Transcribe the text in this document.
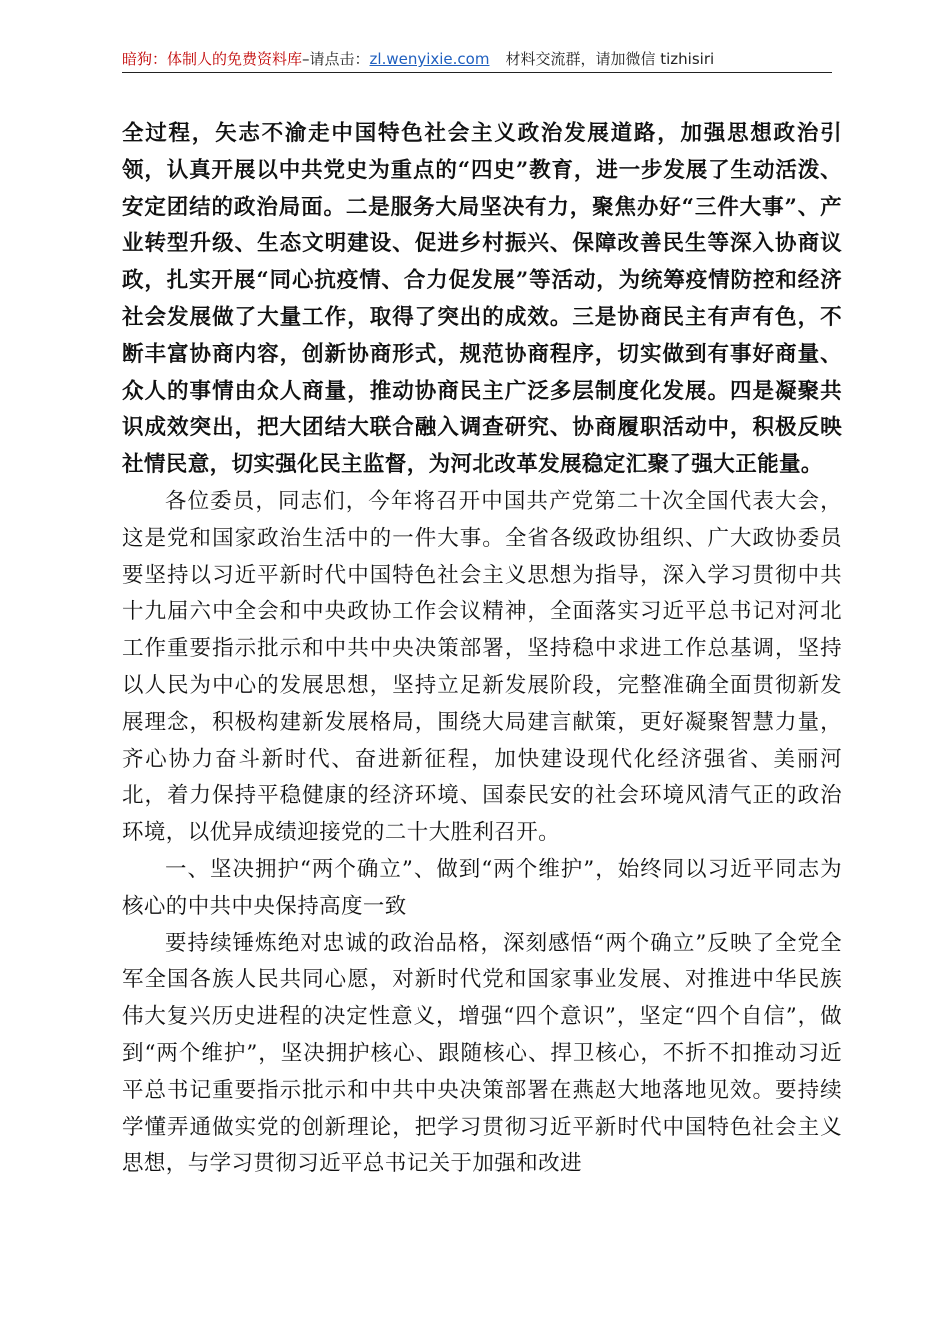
暗狗：体制人的免费资料库–请点击：zl.wenyixie.com 材料交流群，请加微信 tizhisiri

全过程，矢志不渝走中国特色社会主义政治发展道路，加强思想政治引领，认真开展以中共党史为重点的“四史”教育，进一步发展了生动活泼、安定团结的政治局面。二是服务大局坚决有力，聚焦办好“三件大事”、产业转型升级、生态文明建设、促进乡村振兴、保障改善民生等深入协商议政，扎实开展“同心抗疫情、合力促发展”等活动，为统筹疫情防控和经济社会发展做了大量工作，取得了突出的成效。三是协商民主有声有色，不断丰富协商内容，创新协商形式，规范协商程序，切实做到有事好商量、众人的事情由众人商量，推动协商民主广泛多层制度化发展。四是凝聚共识成效突出，把大团结大联合融入调查研究、协商履职活动中，积极反映社情民意，切实强化民主监督，为河北改革发展稳定汇聚了强大正能量。

各位委员，同志们，今年将召开中国共产党第二十次全国代表大会，这是党和国家政治生活中的一件大事。全省各级政协组织、广大政协委员要坚持以习近平新时代中国特色社会主义思想为指导，深入学习贯彻中共十九届六中全会和中央政协工作会议精神，全面落实习近平总书记对河北工作重要指示批示和中共中央决策部署，坚持稳中求进工作总基调，坚持以人民为中心的发展思想，坚持立足新发展阶段，完整准确全面贯彻新发展理念，积极构建新发展格局，围绕大局建言献策，更好凝聚智慧力量，齐心协力奋斗新时代、奋进新征程，加快建设现代化经济强省、美丽河北，着力保持平稳健康的经济环境、国泰民安的社会环境风清气正的政治环境，以优异成绩迎接党的二十大胜利召开。

一、坚决拥护“两个确立”、做到“两个维护”，始终同以习近平同志为核心的中共中央保持高度一致

要持续锤炼绝对忠诚的政治品格，深刻感悟“两个确立”反映了全党全军全国各族人民共同心愿，对新时代党和国家事业发展、对推进中华民族伟大复兴历史进程的决定性意义，增强“四个意识”，坚定“四个自信”，做到“两个维护”，坚决拥护核心、跟随核心、捍卫核心，不折不扣推动习近平总书记重要指示批示和中共中央决策部署在燕赵大地落地见效。要持续学懂弄通做实党的创新理论，把学习贯彻习近平新时代中国特色社会主义思想，与学习贯彻习近平总书记关于加强和改进
